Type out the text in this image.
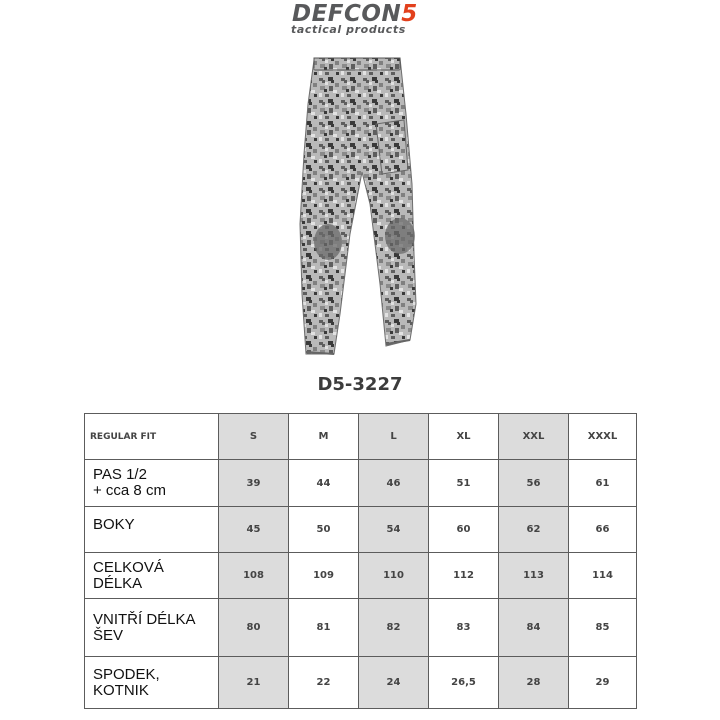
DEFCON5
tactical products
D5-3227
REGULAR FIT	S	M	L	XL	XXL	XXXL

PAS 1/2
+ cca 8 cm	39	44	46	51	56	61

BOKY	45	50	54	60	62	66

CELKOVÁ
DÉLKA	108	109	110	112	113	114

VNITŘÍ DÉLKA
ŠEV	80	81	82	83	84	85

SPODEK,
KOTNIK	21	22	24	26,5	28	29
